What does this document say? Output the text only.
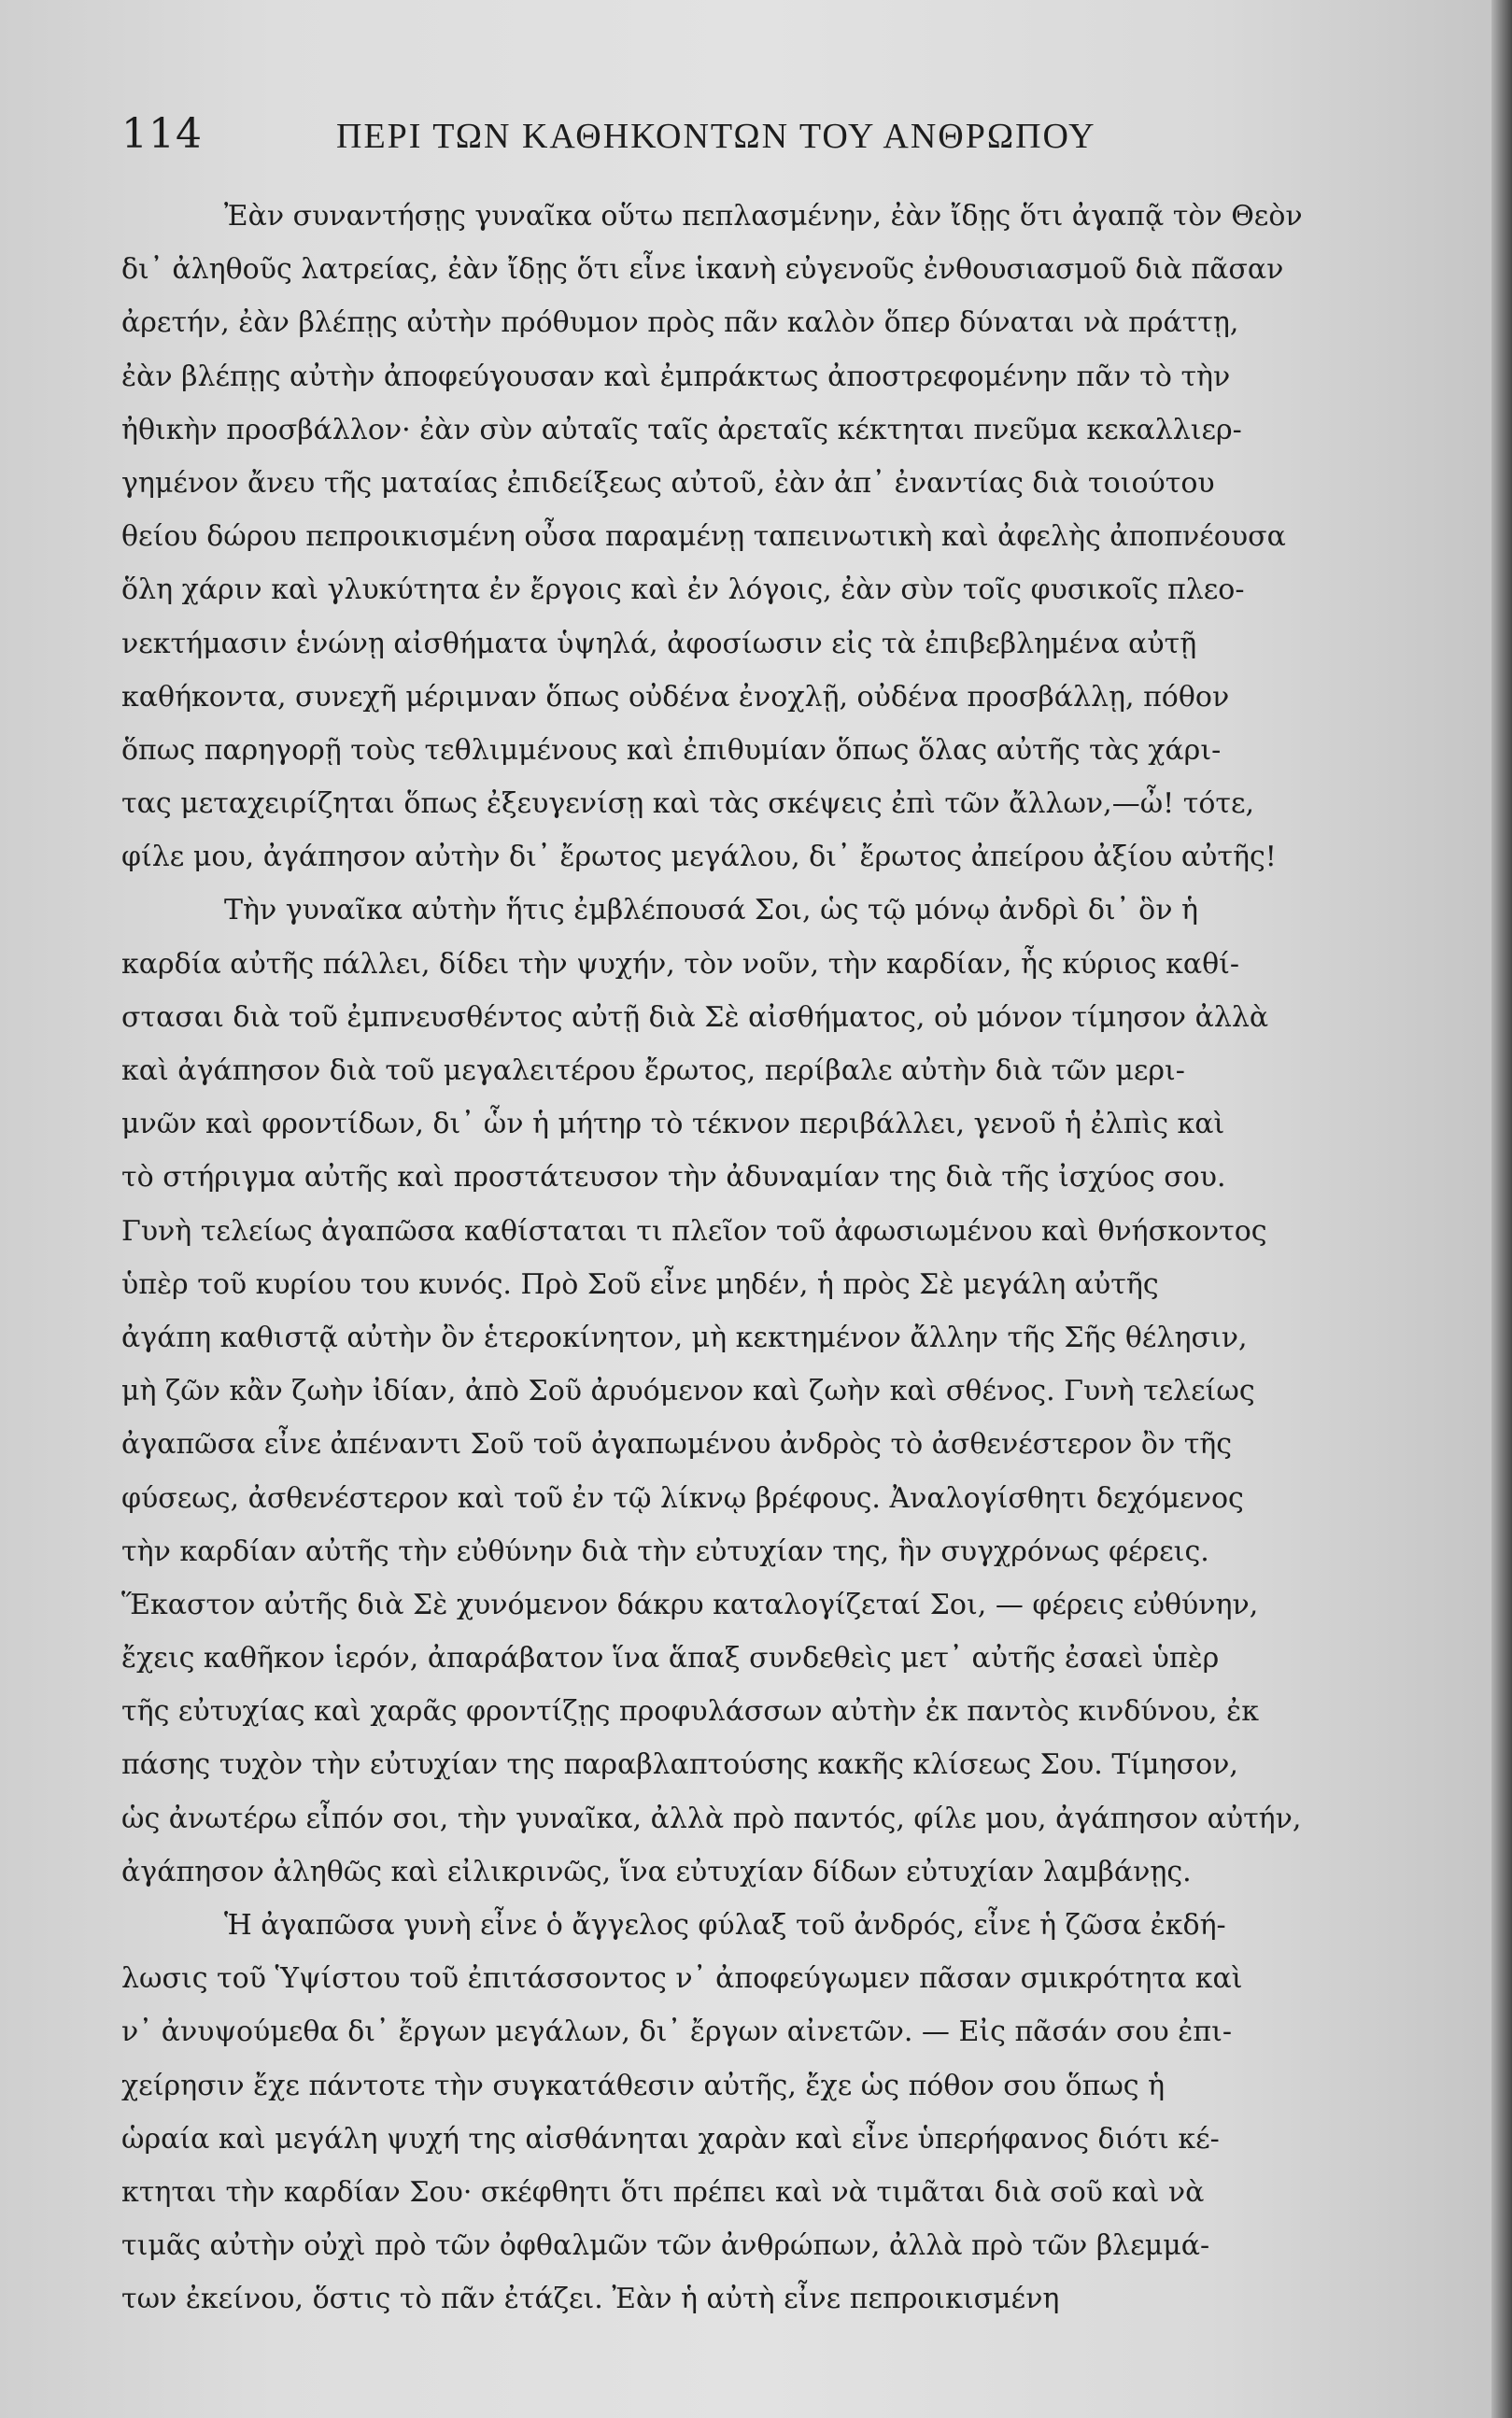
114	ΠΕΡΙ ΤΩΝ ΚΑΘΗΚΟΝΤΩΝ ΤΟΥ ΑΝΘΡΩΠΟΥ
Ἐὰν συναντήσῃς γυναῖκα οὕτω πεπλασμένην, ἐὰν ἴδῃς ὅτι ἀγαπᾷ τὸν Θεὸν
δι᾽ ἀληθοῦς λατρείας, ἐὰν ἴδῃς ὅτι εἶνε ἱκανὴ εὐγενοῦς ἐνθουσιασμοῦ διὰ πᾶσαν
ἀρετήν, ἐὰν βλέπῃς αὐτὴν πρόθυμον πρὸς πᾶν καλὸν ὅπερ δύναται νὰ πράττῃ,
ἐὰν βλέπῃς αὐτὴν ἀποφεύγουσαν καὶ ἐμπράκτως ἀποστρεφομένην πᾶν τὸ τὴν
ἠθικὴν προσβάλλον· ἐὰν σὺν αὐταῖς ταῖς ἀρεταῖς κέκτηται πνεῦμα κεκαλλιερ-
γημένον ἄνευ τῆς ματαίας ἐπιδείξεως αὐτοῦ, ἐὰν ἀπ᾽ ἐναντίας διὰ τοιούτου
θείου δώρου πεπροικισμένη οὖσα παραμένῃ ταπεινωτικὴ καὶ ἀφελὴς ἀποπνέουσα
ὅλη χάριν καὶ γλυκύτητα ἐν ἔργοις καὶ ἐν λόγοις, ἐὰν σὺν τοῖς φυσικοῖς πλεο-
νεκτήμασιν ἑνώνῃ αἰσθήματα ὑψηλά, ἀφοσίωσιν εἰς τὰ ἐπιβεβλημένα αὐτῇ
καθήκοντα, συνεχῆ μέριμναν ὅπως οὐδένα ἐνοχλῇ, οὐδένα προσβάλλῃ, πόθον
ὅπως παρηγορῇ τοὺς τεθλιμμένους καὶ ἐπιθυμίαν ὅπως ὅλας αὐτῆς τὰς χάρι-
τας μεταχειρίζηται ὅπως ἐξευγενίσῃ καὶ τὰς σκέψεις ἐπὶ τῶν ἄλλων,—ὦ! τότε,
φίλε μου, ἀγάπησον αὐτὴν δι᾽ ἔρωτος μεγάλου, δι᾽ ἔρωτος ἀπείρου ἀξίου αὐτῆς!
Τὴν γυναῖκα αὐτὴν ἥτις ἐμβλέπουσά Σοι, ὡς τῷ μόνῳ ἀνδρὶ δι᾽ ὃν ἡ
καρδία αὐτῆς πάλλει, δίδει τὴν ψυχήν, τὸν νοῦν, τὴν καρδίαν, ἧς κύριος καθί-
στασαι διὰ τοῦ ἐμπνευσθέντος αὐτῇ διὰ Σὲ αἰσθήματος, οὐ μόνον τίμησον ἀλλὰ
καὶ ἀγάπησον διὰ τοῦ μεγαλειτέρου ἔρωτος, περίβαλε αὐτὴν διὰ τῶν μερι-
μνῶν καὶ φροντίδων, δι᾽ ὧν ἡ μήτηρ τὸ τέκνον περιβάλλει, γενοῦ ἡ ἐλπὶς καὶ
τὸ στήριγμα αὐτῆς καὶ προστάτευσον τὴν ἀδυναμίαν της διὰ τῆς ἰσχύος σου.
Γυνὴ τελείως ἀγαπῶσα καθίσταται τι πλεῖον τοῦ ἀφωσιωμένου καὶ θνήσκοντος
ὑπὲρ τοῦ κυρίου του κυνός. Πρὸ Σοῦ εἶνε μηδέν, ἡ πρὸς Σὲ μεγάλη αὐτῆς
ἀγάπη καθιστᾷ αὐτὴν ὂν ἑτεροκίνητον, μὴ κεκτημένον ἄλλην τῆς Σῆς θέλησιν,
μὴ ζῶν κἂν ζωὴν ἰδίαν, ἀπὸ Σοῦ ἀρυόμενον καὶ ζωὴν καὶ σθένος. Γυνὴ τελείως
ἀγαπῶσα εἶνε ἀπέναντι Σοῦ τοῦ ἀγαπωμένου ἀνδρὸς τὸ ἀσθενέστερον ὂν τῆς
φύσεως, ἀσθενέστερον καὶ τοῦ ἐν τῷ λίκνῳ βρέφους. Ἀναλογίσθητι δεχόμενος
τὴν καρδίαν αὐτῆς τὴν εὐθύνην διὰ τὴν εὐτυχίαν της, ἣν συγχρόνως φέρεις.
Ἕκαστον αὐτῆς διὰ Σὲ χυνόμενον δάκρυ καταλογίζεταί Σοι, — φέρεις εὐθύνην,
ἔχεις καθῆκον ἱερόν, ἀπαράβατον ἵνα ἅπαξ συνδεθεὶς μετ᾽ αὐτῆς ἐσαεὶ ὑπὲρ
τῆς εὐτυχίας καὶ χαρᾶς φροντίζῃς προφυλάσσων αὐτὴν ἐκ παντὸς κινδύνου, ἐκ
πάσης τυχὸν τὴν εὐτυχίαν της παραβλαπτούσης κακῆς κλίσεως Σου. Τίμησον,
ὡς ἀνωτέρω εἶπόν σοι, τὴν γυναῖκα, ἀλλὰ πρὸ παντός, φίλε μου, ἀγάπησον αὐτήν,
ἀγάπησον ἀληθῶς καὶ εἰλικρινῶς, ἵνα εὐτυχίαν δίδων εὐτυχίαν λαμβάνῃς.
Ἡ ἀγαπῶσα γυνὴ εἶνε ὁ ἄγγελος φύλαξ τοῦ ἀνδρός, εἶνε ἡ ζῶσα ἐκδή-
λωσις τοῦ Ὑψίστου τοῦ ἐπιτάσσοντος ν᾽ ἀποφεύγωμεν πᾶσαν σμικρότητα καὶ
ν᾽ ἀνυψούμεθα δι᾽ ἔργων μεγάλων, δι᾽ ἔργων αἰνετῶν. — Εἰς πᾶσάν σου ἐπι-
χείρησιν ἔχε πάντοτε τὴν συγκατάθεσιν αὐτῆς, ἔχε ὡς πόθον σου ὅπως ἡ
ὡραία καὶ μεγάλη ψυχή της αἰσθάνηται χαρὰν καὶ εἶνε ὑπερήφανος διότι κέ-
κτηται τὴν καρδίαν Σου· σκέφθητι ὅτι πρέπει καὶ νὰ τιμᾶται διὰ σοῦ καὶ νὰ
τιμᾶς αὐτὴν οὐχὶ πρὸ τῶν ὀφθαλμῶν τῶν ἀνθρώπων, ἀλλὰ πρὸ τῶν βλεμμά-
των ἐκείνου, ὅστις τὸ πᾶν ἐτάζει. Ἐὰν ἡ αὐτὴ εἶνε πεπροικισμένη
